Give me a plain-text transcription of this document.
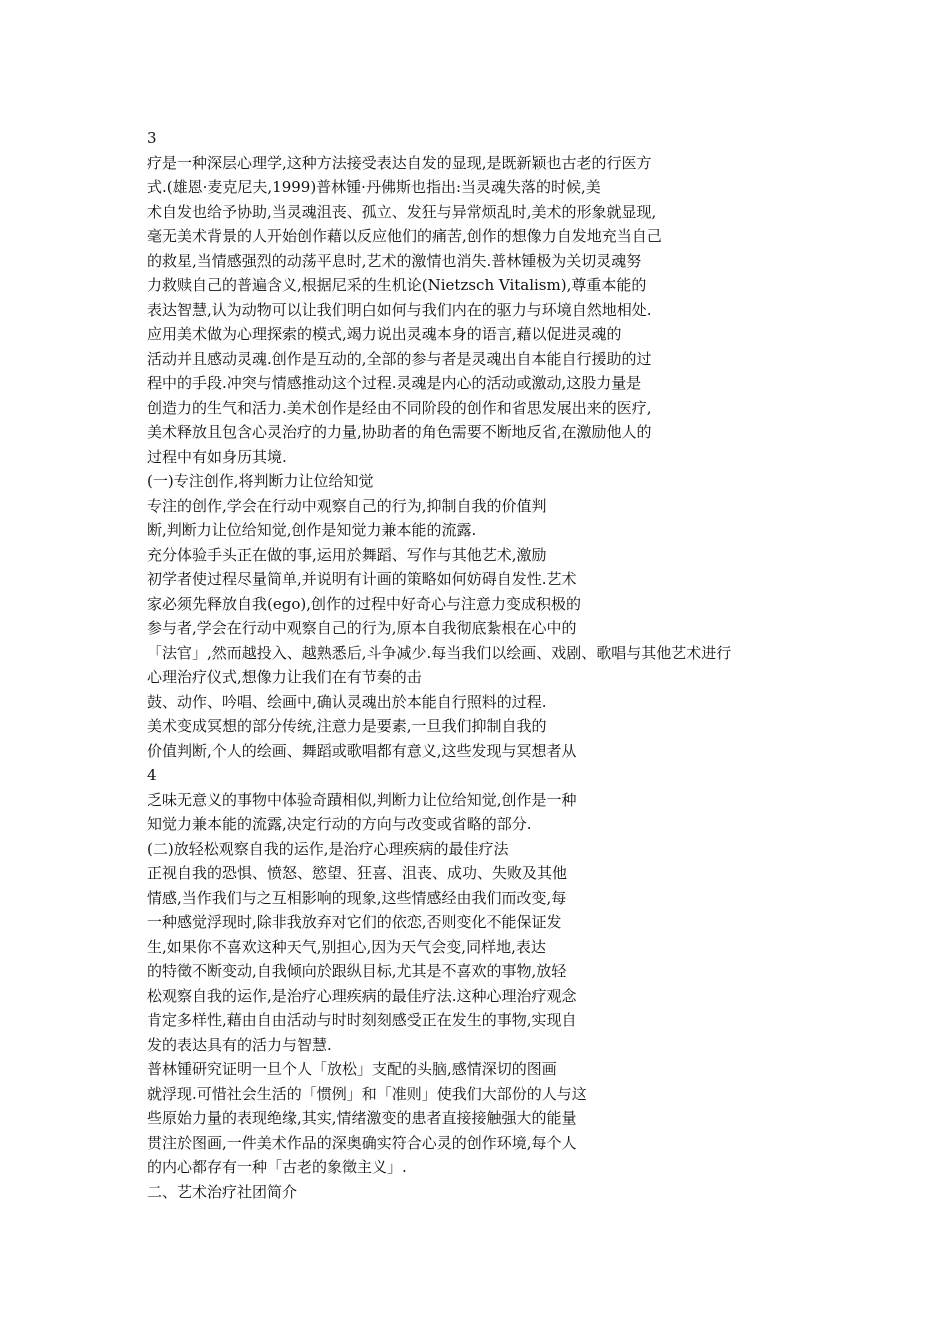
3
疗是一种深层心理学,这种方法接受表达自发的显现,是既新颖也古老的行医方
式.(雄恩·麦克尼夫,1999)普林锺·丹佛斯也指出:当灵魂失落的时候,美
术自发也给予协助,当灵魂沮丧、孤立、发狂与异常烦乱时,美术的形象就显现,
毫无美术背景的人开始创作藉以反应他们的痛苦,创作的想像力自发地充当自己
的救星,当情感强烈的动荡平息时,艺术的激情也消失.普林锺极为关切灵魂努
力救赎自己的普遍含义,根据尼采的生机论(Nietzsch Vitalism),尊重本能的
表达智慧,认为动物可以让我们明白如何与我们内在的驱力与环境自然地相处.
应用美术做为心理探索的模式,竭力说出灵魂本身的语言,藉以促进灵魂的
活动并且感动灵魂.创作是互动的,全部的参与者是灵魂出自本能自行援助的过
程中的手段.冲突与情感推动这个过程.灵魂是内心的活动或激动,这股力量是
创造力的生气和活力.美术创作是经由不同阶段的创作和省思发展出来的医疗,
美术释放且包含心灵治疗的力量,协助者的角色需要不断地反省,在激励他人的
过程中有如身历其境.
(一)专注创作,将判断力让位给知觉
专注的创作,学会在行动中观察自己的行为,抑制自我的价值判
断,判断力让位给知觉,创作是知觉力兼本能的流露.
充分体验手头正在做的事,运用於舞蹈、写作与其他艺术,激励
初学者使过程尽量简单,并说明有计画的策略如何妨碍自发性.艺术
家必须先释放自我(ego),创作的过程中好奇心与注意力变成积极的
参与者,学会在行动中观察自己的行为,原本自我彻底紮根在心中的
「法官」,然而越投入、越熟悉后,斗争减少.每当我们以绘画、戏剧、歌唱与其他艺术进行
心理治疗仪式,想像力让我们在有节奏的击
鼓、动作、吟唱、绘画中,确认灵魂出於本能自行照料的过程.
美术变成冥想的部分传统,注意力是要素,一旦我们抑制自我的
价值判断,个人的绘画、舞蹈或歌唱都有意义,这些发现与冥想者从
4
乏味无意义的事物中体验奇蹟相似,判断力让位给知觉,创作是一种
知觉力兼本能的流露,决定行动的方向与改变或省略的部分.
(二)放轻松观察自我的运作,是治疗心理疾病的最佳疗法
正视自我的恐惧、愤怒、慾望、狂喜、沮丧、成功、失败及其他
情感,当作我们与之互相影响的现象,这些情感经由我们而改变,每
一种感觉浮现时,除非我放弃对它们的依恋,否则变化不能保证发
生,如果你不喜欢这种天气,别担心,因为天气会变,同样地,表达
的特徵不断变动,自我倾向於跟纵目标,尤其是不喜欢的事物,放轻
松观察自我的运作,是治疗心理疾病的最佳疗法.这种心理治疗观念
肯定多样性,藉由自由活动与时时刻刻感受正在发生的事物,实现自
发的表达具有的活力与智慧.
普林锺研究证明一旦个人「放松」支配的头脑,感情深切的图画
就浮现.可惜社会生活的「惯例」和「准则」使我们大部份的人与这
些原始力量的表现绝缘,其实,情绪激变的患者直接接触强大的能量
贯注於图画,一件美术作品的深奥确实符合心灵的创作环境,每个人
的内心都存有一种「古老的象徵主义」.
二、艺术治疗社团简介
